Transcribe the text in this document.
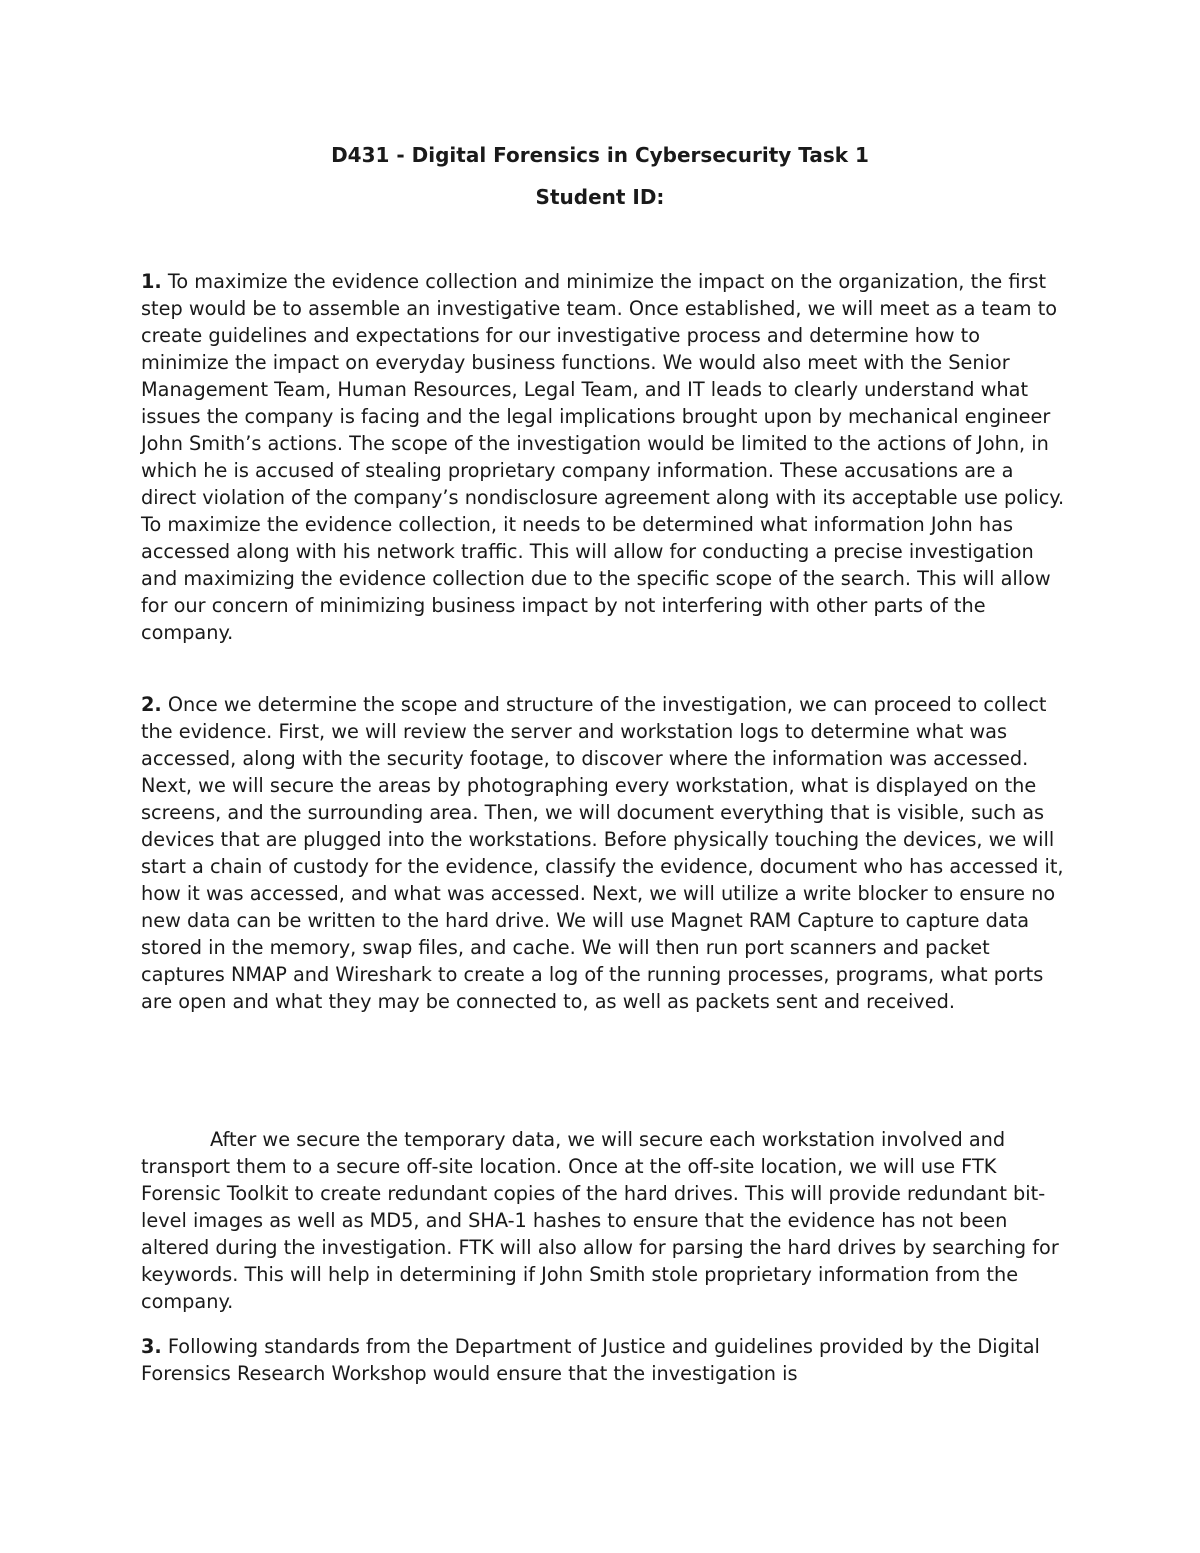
D431 - Digital Forensics in Cybersecurity Task 1
Student ID:

1. To maximize the evidence collection and minimize the impact on the organization, the first step would be to assemble an investigative team. Once established, we will meet as a team to create guidelines and expectations for our investigative process and determine how to minimize the impact on everyday business functions. We would also meet with the Senior Management Team, Human Resources, Legal Team, and IT leads to clearly understand what issues the company is facing and the legal implications brought upon by mechanical engineer John Smith’s actions. The scope of the investigation would be limited to the actions of John, in which he is accused of stealing proprietary company information. These accusations are a direct violation of the company’s nondisclosure agreement along with its acceptable use policy. To maximize the evidence collection, it needs to be determined what information John has accessed along with his network traffic. This will allow for conducting a precise investigation and maximizing the evidence collection due to the specific scope of the search. This will allow for our concern of minimizing business impact by not interfering with other parts of the company.

2. Once we determine the scope and structure of the investigation, we can proceed to collect the evidence. First, we will review the server and workstation logs to determine what was accessed, along with the security footage, to discover where the information was accessed. Next, we will secure the areas by photographing every workstation, what is displayed on the screens, and the surrounding area. Then, we will document everything that is visible, such as devices that are plugged into the workstations. Before physically touching the devices, we will start a chain of custody for the evidence, classify the evidence, document who has accessed it, how it was accessed, and what was accessed. Next, we will utilize a write blocker to ensure no new data can be written to the hard drive. We will use Magnet RAM Capture to capture data stored in the memory, swap files, and cache. We will then run port scanners and packet captures NMAP and Wireshark to create a log of the running processes, programs, what ports are open and what they may be connected to, as well as packets sent and received.

After we secure the temporary data, we will secure each workstation involved and transport them to a secure off-site location. Once at the off-site location, we will use FTK Forensic Toolkit to create redundant copies of the hard drives. This will provide redundant bit-level images as well as MD5, and SHA-1 hashes to ensure that the evidence has not been altered during the investigation. FTK will also allow for parsing the hard drives by searching for keywords. This will help in determining if John Smith stole proprietary information from the company.

3. Following standards from the Department of Justice and guidelines provided by the Digital Forensics Research Workshop would ensure that the investigation is
